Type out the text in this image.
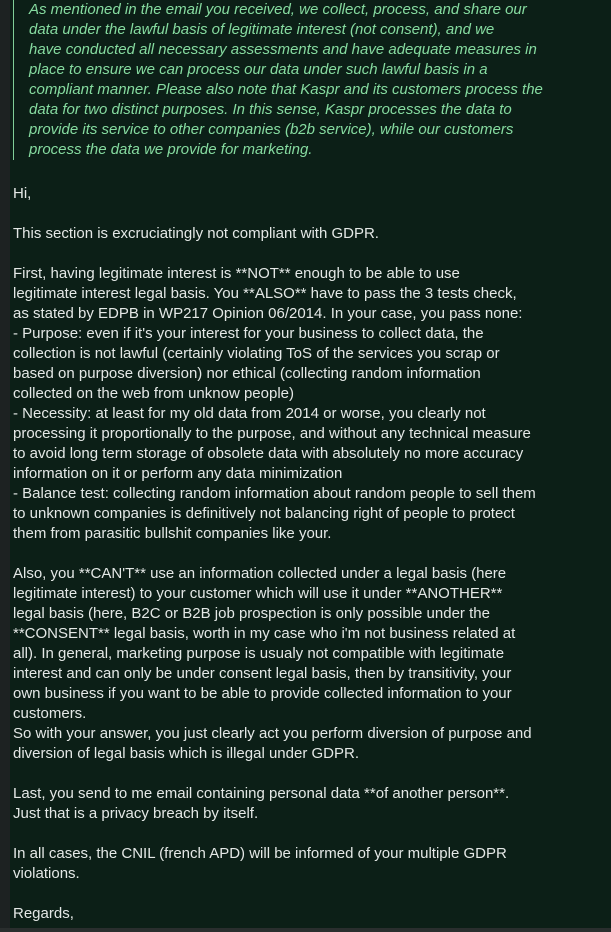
As mentioned in the email you received, we collect, process, and share our
data under the lawful basis of legitimate interest (not consent), and we
have conducted all necessary assessments and have adequate measures in
place to ensure we can process our data under such lawful basis in a
compliant manner. Please also note that Kaspr and its customers process the
data for two distinct purposes. In this sense, Kaspr processes the data to
provide its service to other companies (b2b service), while our customers
process the data we provide for marketing.
Hi,
This section is excruciatingly not compliant with GDPR.
First, having legitimate interest is **NOT** enough to be able to use
legitimate interest legal basis. You **ALSO** have to pass the 3 tests check,
as stated by EDPB in WP217 Opinion 06/2014. In your case, you pass none:
- Purpose: even if it's your interest for your business to collect data, the
collection is not lawful (certainly violating ToS of the services you scrap or
based on purpose diversion) nor ethical (collecting random information
collected on the web from unknow people)
- Necessity: at least for my old data from 2014 or worse, you clearly not
processing it proportionally to the purpose, and without any technical measure
to avoid long term storage of obsolete data with absolutely no more accuracy
information on it or perform any data minimization
- Balance test: collecting random information about random people to sell them
to unknown companies is definitively not balancing right of people to protect
them from parasitic bullshit companies like your.
Also, you **CAN'T** use an information collected under a legal basis (here
legitimate interest) to your customer which will use it under **ANOTHER**
legal basis (here, B2C or B2B job prospection is only possible under the
**CONSENT** legal basis, worth in my case who i'm not business related at
all). In general, marketing purpose is usualy not compatible with legitimate
interest and can only be under consent legal basis, then by transitivity, your
own business if you want to be able to provide collected information to your
customers.
So with your answer, you just clearly act you perform diversion of purpose and
diversion of legal basis which is illegal under GDPR.
Last, you send to me email containing personal data **of another person**.
Just that is a privacy breach by itself.
In all cases, the CNIL (french APD) will be informed of your multiple GDPR
violations.
Regards,
